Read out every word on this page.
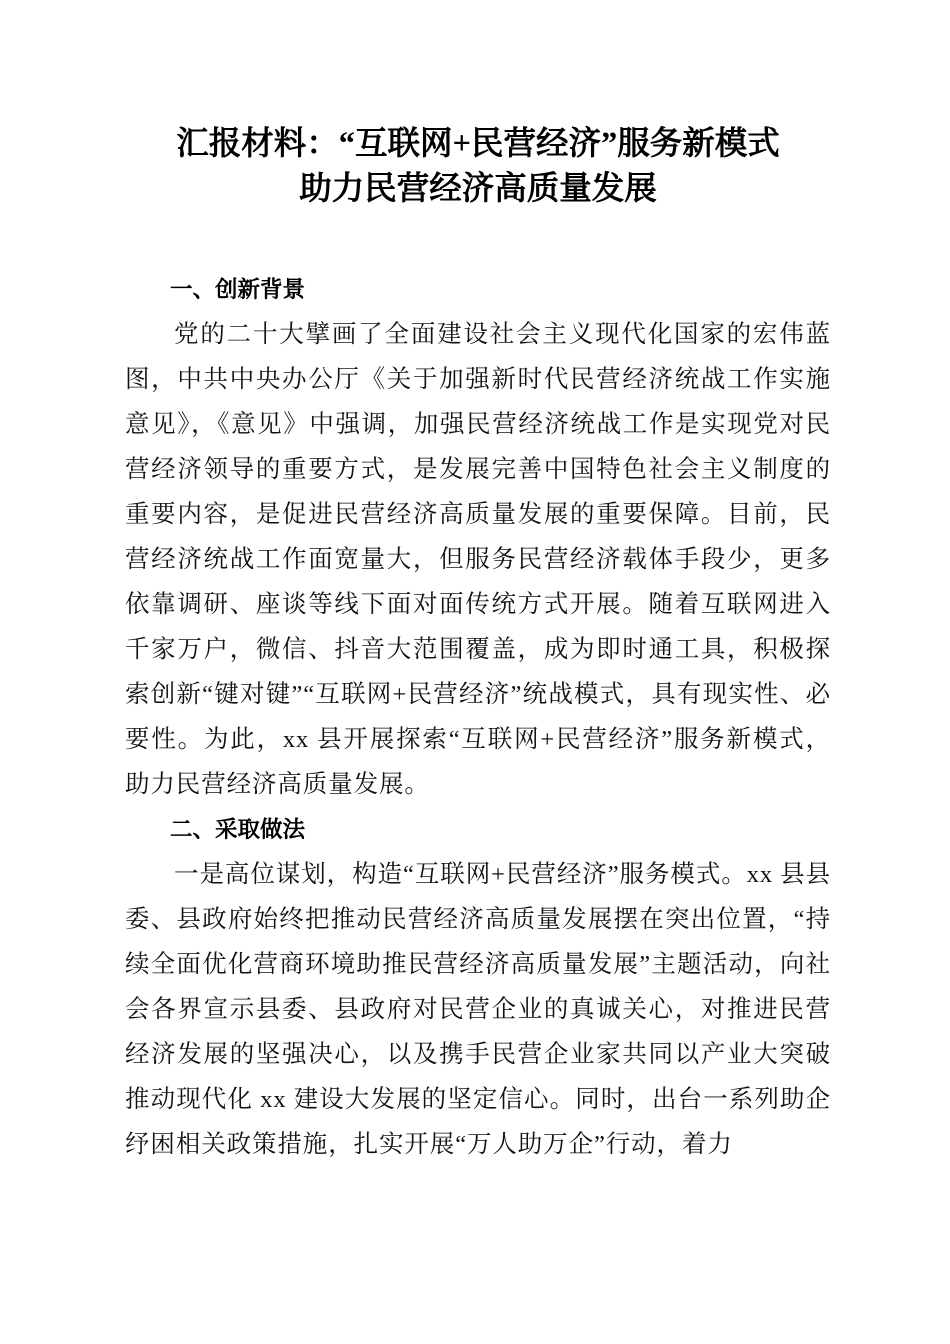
汇报材料：“互联网+民营经济”服务新模式
助力民营经济高质量发展
一、创新背景

党的二十大擘画了全面建设社会主义现代化国家的宏伟蓝图，中共中央办公厅《关于加强新时代民营经济统战工作实施意见》，《意见》中强调，加强民营经济统战工作是实现党对民营经济领导的重要方式，是发展完善中国特色社会主义制度的重要内容，是促进民营经济高质量发展的重要保障。目前，民营经济统战工作面宽量大，但服务民营经济载体手段少，更多依靠调研、座谈等线下面对面传统方式开展。随着互联网进入千家万户，微信、抖音大范围覆盖，成为即时通工具，积极探索创新“键对键”“互联网+民营经济”统战模式，具有现实性、必要性。为此，xx 县开展探索“互联网+民营经济”服务新模式，助力民营经济高质量发展。

二、采取做法

一是高位谋划，构造“互联网+民营经济”服务模式。xx 县县委、县政府始终把推动民营经济高质量发展摆在突出位置，“持续全面优化营商环境助推民营经济高质量发展”主题活动，向社会各界宣示县委、县政府对民营企业的真诚关心，对推进民营经济发展的坚强决心，以及携手民营企业家共同以产业大突破推动现代化 xx 建设大发展的坚定信心。同时，出台一系列助企纾困相关政策措施，扎实开展“万人助万企”行动，着力
